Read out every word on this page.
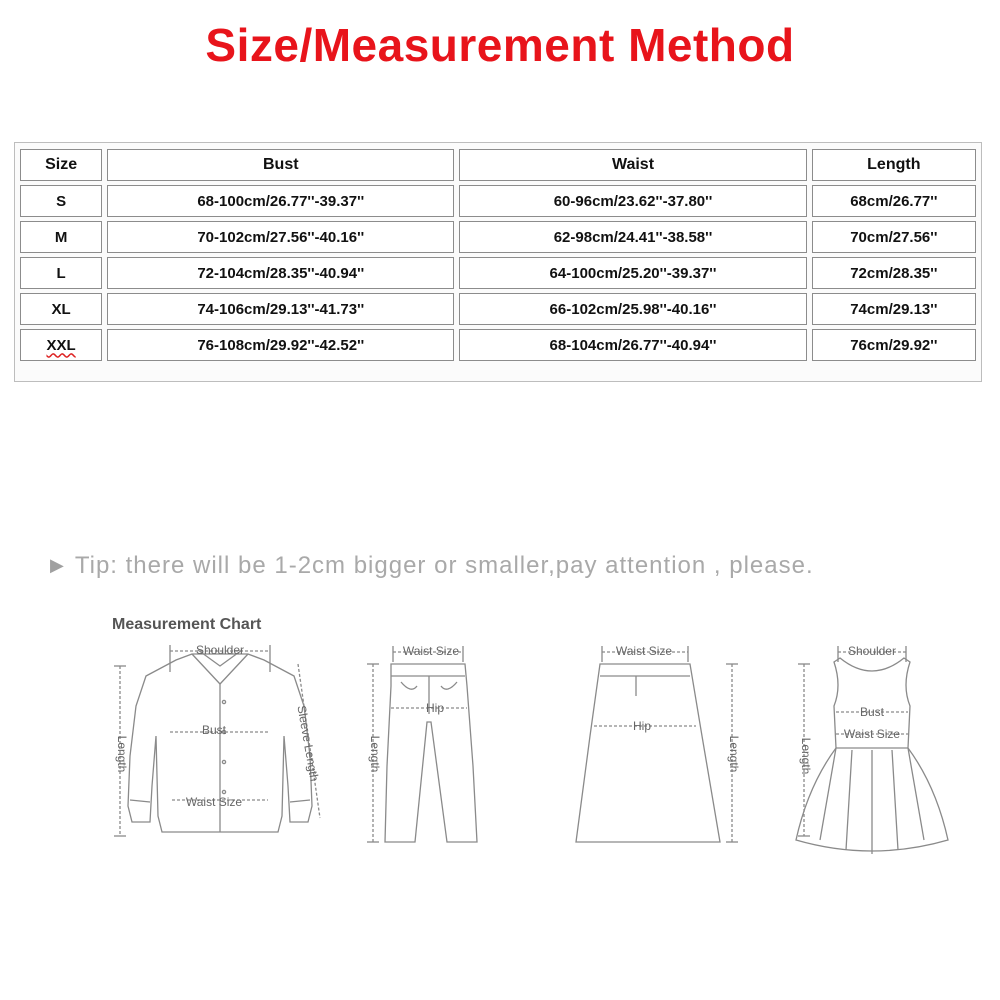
Size/Measurement Method
Size	Bust	Waist	Length
S	68-100cm/26.77''-39.37''	60-96cm/23.62''-37.80''	68cm/26.77''
M	70-102cm/27.56''-40.16''	62-98cm/24.41''-38.58''	70cm/27.56''
L	72-104cm/28.35''-40.94''	64-100cm/25.20''-39.37''	72cm/28.35''
XL	74-106cm/29.13''-41.73''	66-102cm/25.98''-40.16''	74cm/29.13''
XXL	76-108cm/29.92''-42.52''	68-104cm/26.77''-40.94''	76cm/29.92''
▶ Tip: there will be 1-2cm bigger or smaller,pay attention , please.
Measurement Chart
Shoulder
Bust
Waist Size
Length	Sleeve Length
Waist Size
Hip
Length
Waist Size
Hip
Length
Shoulder
Bust
Waist Size
Length
